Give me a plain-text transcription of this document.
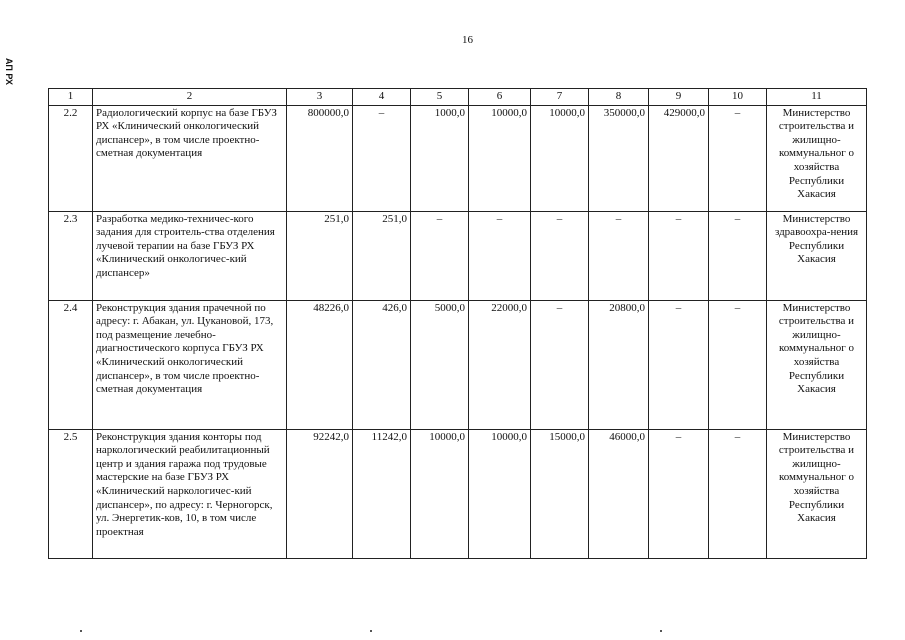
16
АП РХ
1	2	3	4	5	6	7	8	9	10	11
2.2	Радиологический корпус на базе ГБУЗ РХ «Клинический онкологический диспансер», в том числе проектно-сметная документация	800000,0	–	1000,0	10000,0	10000,0	350000,0	429000,0	–	Министерство строительства и жилищно-коммунальног о хозяйства Республики Хакасия
2.3	Разработка медико-техничес-кого задания для строитель-ства отделения лучевой терапии на базе ГБУЗ РХ «Клинический онкологичес-кий диспансер»	251,0	251,0	–	–	–	–	–	–	Министерство здравоохра-нения Республики Хакасия
2.4	Реконструкция здания прачечной по адресу: г. Абакан, ул. Цукановой, 173, под размещение лечебно-диагностического корпуса ГБУЗ РХ «Клинический онкологический диспансер», в том числе проектно-сметная документация	48226,0	426,0	5000,0	22000,0	–	20800,0	–	–	Министерство строительства и жилищно-коммунальног о хозяйства Республики Хакасия
2.5	Реконструкция здания конторы под наркологический реабилитационный центр и здания гаража под трудовые мастерские на базе ГБУЗ РХ «Клинический наркологичес-кий диспансер», по адресу: г. Черногорск, ул. Энергетик-ков, 10, в том числе проектная	92242,0	11242,0	10000,0	10000,0	15000,0	46000,0	–	–	Министерство строительства и жилищно-коммунальног о хозяйства Республики Хакасия
